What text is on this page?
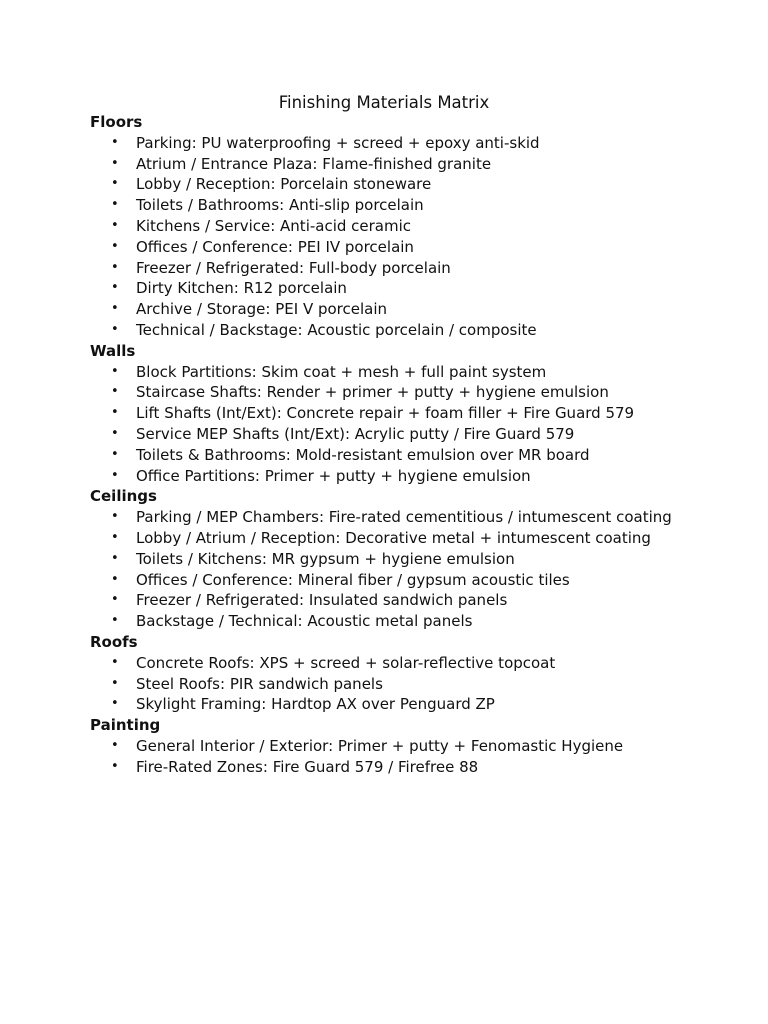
Finishing Materials Matrix
Floors
• Parking: PU waterproofing + screed + epoxy anti-skid
• Atrium / Entrance Plaza: Flame-finished granite
• Lobby / Reception: Porcelain stoneware
• Toilets / Bathrooms: Anti-slip porcelain
• Kitchens / Service: Anti-acid ceramic
• Offices / Conference: PEI IV porcelain
• Freezer / Refrigerated: Full-body porcelain
• Dirty Kitchen: R12 porcelain
• Archive / Storage: PEI V porcelain
• Technical / Backstage: Acoustic porcelain / composite
Walls
• Block Partitions: Skim coat + mesh + full paint system
• Staircase Shafts: Render + primer + putty + hygiene emulsion
• Lift Shafts (Int/Ext): Concrete repair + foam filler + Fire Guard 579
• Service MEP Shafts (Int/Ext): Acrylic putty / Fire Guard 579
• Toilets & Bathrooms: Mold-resistant emulsion over MR board
• Office Partitions: Primer + putty + hygiene emulsion
Ceilings
• Parking / MEP Chambers: Fire-rated cementitious / intumescent coating
• Lobby / Atrium / Reception: Decorative metal + intumescent coating
• Toilets / Kitchens: MR gypsum + hygiene emulsion
• Offices / Conference: Mineral fiber / gypsum acoustic tiles
• Freezer / Refrigerated: Insulated sandwich panels
• Backstage / Technical: Acoustic metal panels
Roofs
• Concrete Roofs: XPS + screed + solar-reflective topcoat
• Steel Roofs: PIR sandwich panels
• Skylight Framing: Hardtop AX over Penguard ZP
Painting
• General Interior / Exterior: Primer + putty + Fenomastic Hygiene
• Fire-Rated Zones: Fire Guard 579 / Firefree 88
